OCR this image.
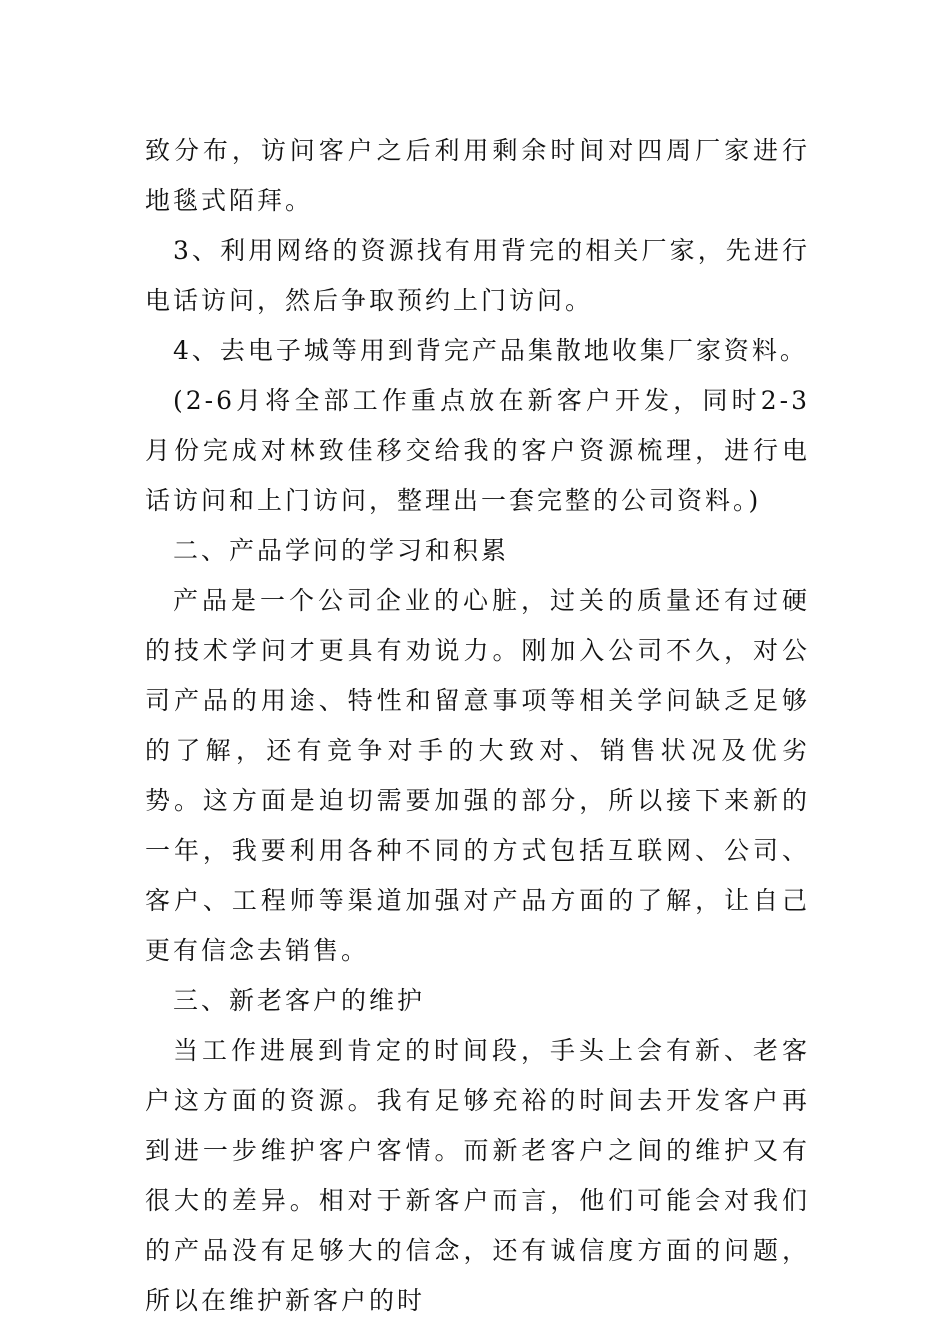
致分布，访问客户之后利用剩余时间对四周厂家进行地毯式陌拜。

3、利用网络的资源找有用背完的相关厂家，先进行电话访问，然后争取预约上门访问。

4、去电子城等用到背完产品集散地收集厂家资料。

(2-6月将全部工作重点放在新客户开发，同时2-3月份完成对林致佳移交给我的客户资源梳理，进行电话访问和上门访问，整理出一套完整的公司资料。)

二、产品学问的学习和积累

产品是一个公司企业的心脏，过关的质量还有过硬的技术学问才更具有劝说力。刚加入公司不久，对公司产品的用途、特性和留意事项等相关学问缺乏足够的了解，还有竞争对手的大致对、销售状况及优劣势。这方面是迫切需要加强的部分，所以接下来新的一年，我要利用各种不同的方式包括互联网、公司、客户、工程师等渠道加强对产品方面的了解，让自己更有信念去销售。

三、新老客户的维护

当工作进展到肯定的时间段，手头上会有新、老客户这方面的资源。我有足够充裕的时间去开发客户再到进一步维护客户客情。而新老客户之间的维护又有很大的差异。相对于新客户而言，他们可能会对我们的产品没有足够大的信念，还有诚信度方面的问题，所以在维护新客户的时
